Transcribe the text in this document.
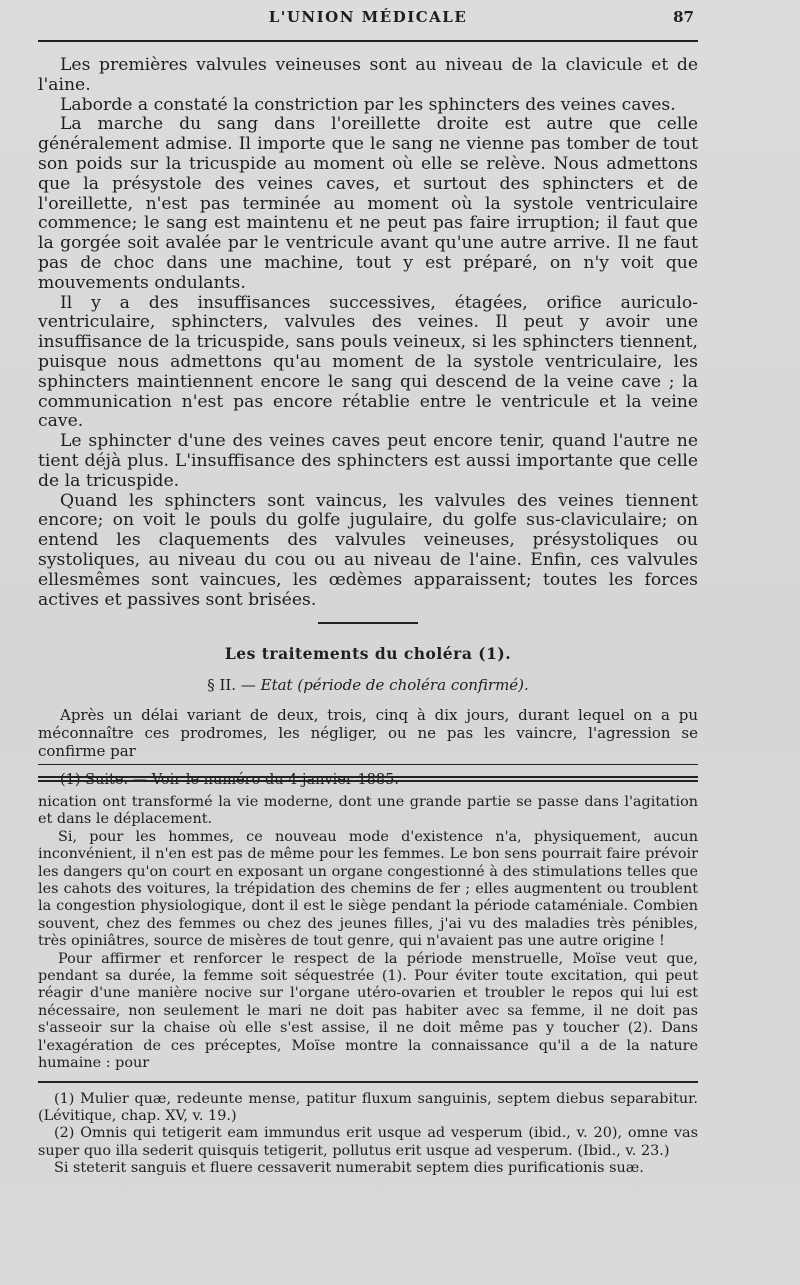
L'UNION MÉDICALE	87

Les premières valvules veineuses sont au niveau de la clavicule et de l'aine.

Laborde a constaté la constriction par les sphincters des veines caves.

La marche du sang dans l'oreillette droite est autre que celle généralement admise. Il importe que le sang ne vienne pas tomber de tout son poids sur la tricuspide au moment où elle se relève. Nous admettons que la présystole des veines caves, et surtout des sphincters et de l'oreillette, n'est pas terminée au moment où la systole ventriculaire commence; le sang est maintenu et ne peut pas faire irruption; il faut que la gorgée soit avalée par le ventricule avant qu'une autre arrive. Il ne faut pas de choc dans une machine, tout y est préparé, on n'y voit que mouvements ondulants.

Il y a des insuffisances successives, étagées, orifice auriculo-ventriculaire, sphincters, valvules des veines. Il peut y avoir une insuffisance de la tricuspide, sans pouls veineux, si les sphincters tiennent, puisque nous admettons qu'au moment de la systole ventriculaire, les sphincters maintiennent encore le sang qui descend de la veine cave ; la communication n'est pas encore rétablie entre le ventricule et la veine cave.

Le sphincter d'une des veines caves peut encore tenir, quand l'autre ne tient déjà plus. L'insuffisance des sphincters est aussi importante que celle de la tricuspide.

Quand les sphincters sont vaincus, les valvules des veines tiennent encore; on voit le pouls du golfe jugulaire, du golfe sus-claviculaire; on entend les claquements des valvules veineuses, présystoliques ou systoliques, au niveau du cou ou au niveau de l'aine. Enfin, ces valvules ellesmêmes sont vaincues, les œdèmes apparaissent; toutes les forces actives et passives sont brisées.

Les traitements du choléra (1).
§ II. — Etat (période de choléra confirmé).

Après un délai variant de deux, trois, cinq à dix jours, durant lequel on a pu méconnaître ces prodromes, les négliger, ou ne pas les vaincre, l'agression se confirme par

(1) Suite. — Voir le numéro du 4 janvier 1885.

nication ont transformé la vie moderne, dont une grande partie se passe dans l'agitation et dans le déplacement.

Si, pour les hommes, ce nouveau mode d'existence n'a, physiquement, aucun inconvénient, il n'en est pas de même pour les femmes. Le bon sens pourrait faire prévoir les dangers qu'on court en exposant un organe congestionné à des stimulations telles que les cahots des voitures, la trépidation des chemins de fer ; elles augmentent ou troublent la congestion physiologique, dont il est le siège pendant la période cataméniale. Combien souvent, chez des femmes ou chez des jeunes filles, j'ai vu des maladies très pénibles, très opiniâtres, source de misères de tout genre, qui n'avaient pas une autre origine !

Pour affirmer et renforcer le respect de la période menstruelle, Moïse veut que, pendant sa durée, la femme soit séquestrée (1). Pour éviter toute excitation, qui peut réagir d'une manière nocive sur l'organe utéro-ovarien et troubler le repos qui lui est nécessaire, non seulement le mari ne doit pas habiter avec sa femme, il ne doit pas s'asseoir sur la chaise où elle s'est assise, il ne doit même pas y toucher (2). Dans l'exagération de ces préceptes, Moïse montre la connaissance qu'il a de la nature humaine : pour

(1) Mulier quæ, redeunte mense, patitur fluxum sanguinis, septem diebus separabitur. (Lévitique, chap. XV, v. 19.)

(2) Omnis qui tetigerit eam immundus erit usque ad vesperum (ibid., v. 20), omne vas super quo illa sederit quisquis tetigerit, pollutus erit usque ad vesperum. (Ibid., v. 23.)

Si steterit sanguis et fluere cessaverit numerabit septem dies purificationis suæ.
